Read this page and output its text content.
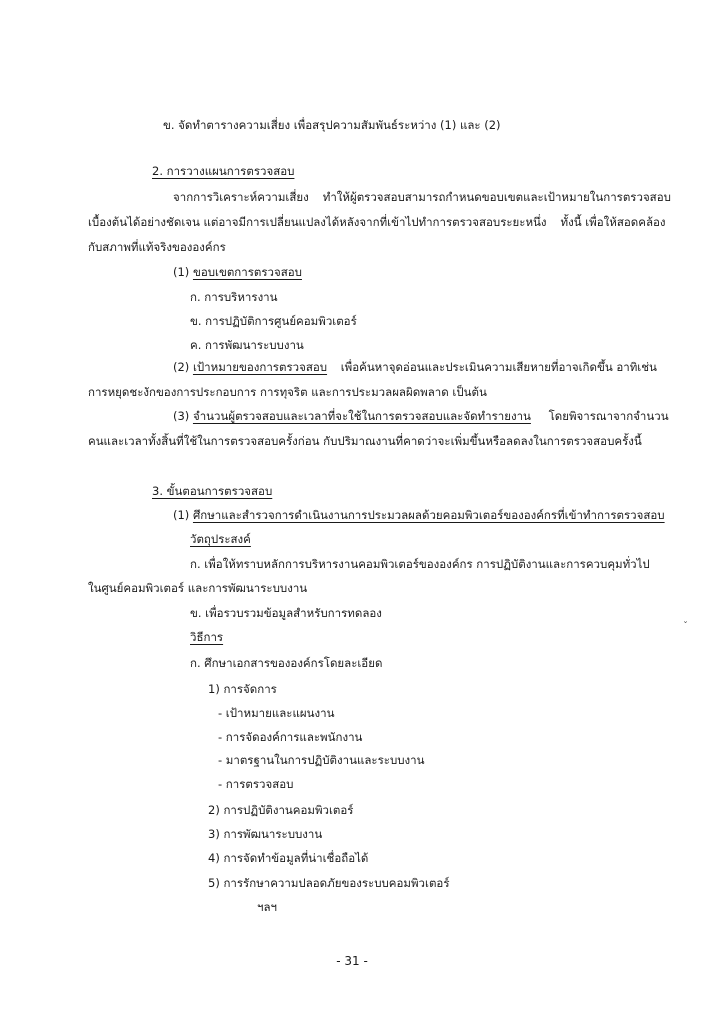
ข. จัดทำตารางความเสี่ยง เพื่อสรุปความสัมพันธ์ระหว่าง (1) และ (2)
2. การวางแผนการตรวจสอบ
จากการวิเคราะห์ความเสี่ยง ทำให้ผู้ตรวจสอบสามารถกำหนดขอบเขตและเป้าหมายในการตรวจสอบ
เบื้องต้นได้อย่างชัดเจน แต่อาจมีการเปลี่ยนแปลงได้หลังจากที่เข้าไปทำการตรวจสอบระยะหนึ่ง ทั้งนี้ เพื่อให้สอดคล้อง
กับสภาพที่แท้จริงขององค์กร
(1) ขอบเขตการตรวจสอบ
ก. การบริหารงาน
ข. การปฏิบัติการศูนย์คอมพิวเตอร์
ค. การพัฒนาระบบงาน
(2) เป้าหมายของการตรวจสอบ เพื่อค้นหาจุดอ่อนและประเมินความเสียหายที่อาจเกิดขึ้น อาทิเช่น
การหยุดชะงักของการประกอบการ การทุจริต และการประมวลผลผิดพลาด เป็นต้น
(3) จำนวนผู้ตรวจสอบและเวลาที่จะใช้ในการตรวจสอบและจัดทำรายงาน โดยพิจารณาจากจำนวน
คนและเวลาทั้งสิ้นที่ใช้ในการตรวจสอบครั้งก่อน กับปริมาณงานที่คาดว่าจะเพิ่มขึ้นหรือลดลงในการตรวจสอบครั้งนี้
3. ขั้นตอนการตรวจสอบ
(1) ศึกษาและสำรวจการดำเนินงานการประมวลผลด้วยคอมพิวเตอร์ขององค์กรที่เข้าทำการตรวจสอบ
วัตถุประสงค์
ก. เพื่อให้ทราบหลักการบริหารงานคอมพิวเตอร์ขององค์กร การปฏิบัติงานและการควบคุมทั่วไป
ในศูนย์คอมพิวเตอร์ และการพัฒนาระบบงาน
ข. เพื่อรวบรวมข้อมูลสำหรับการทดลอง
วิธีการ
ก. ศึกษาเอกสารขององค์กรโดยละเอียด
1) การจัดการ
- เป้าหมายและแผนงาน
- การจัดองค์การและพนักงาน
- มาตรฐานในการปฏิบัติงานและระบบงาน
- การตรวจสอบ
2) การปฏิบัติงานคอมพิวเตอร์
3) การพัฒนาระบบงาน
4) การจัดทำข้อมูลที่น่าเชื่อถือได้
5) การรักษาความปลอดภัยของระบบคอมพิวเตอร์
ฯลฯ
ˇ
- 31 -
